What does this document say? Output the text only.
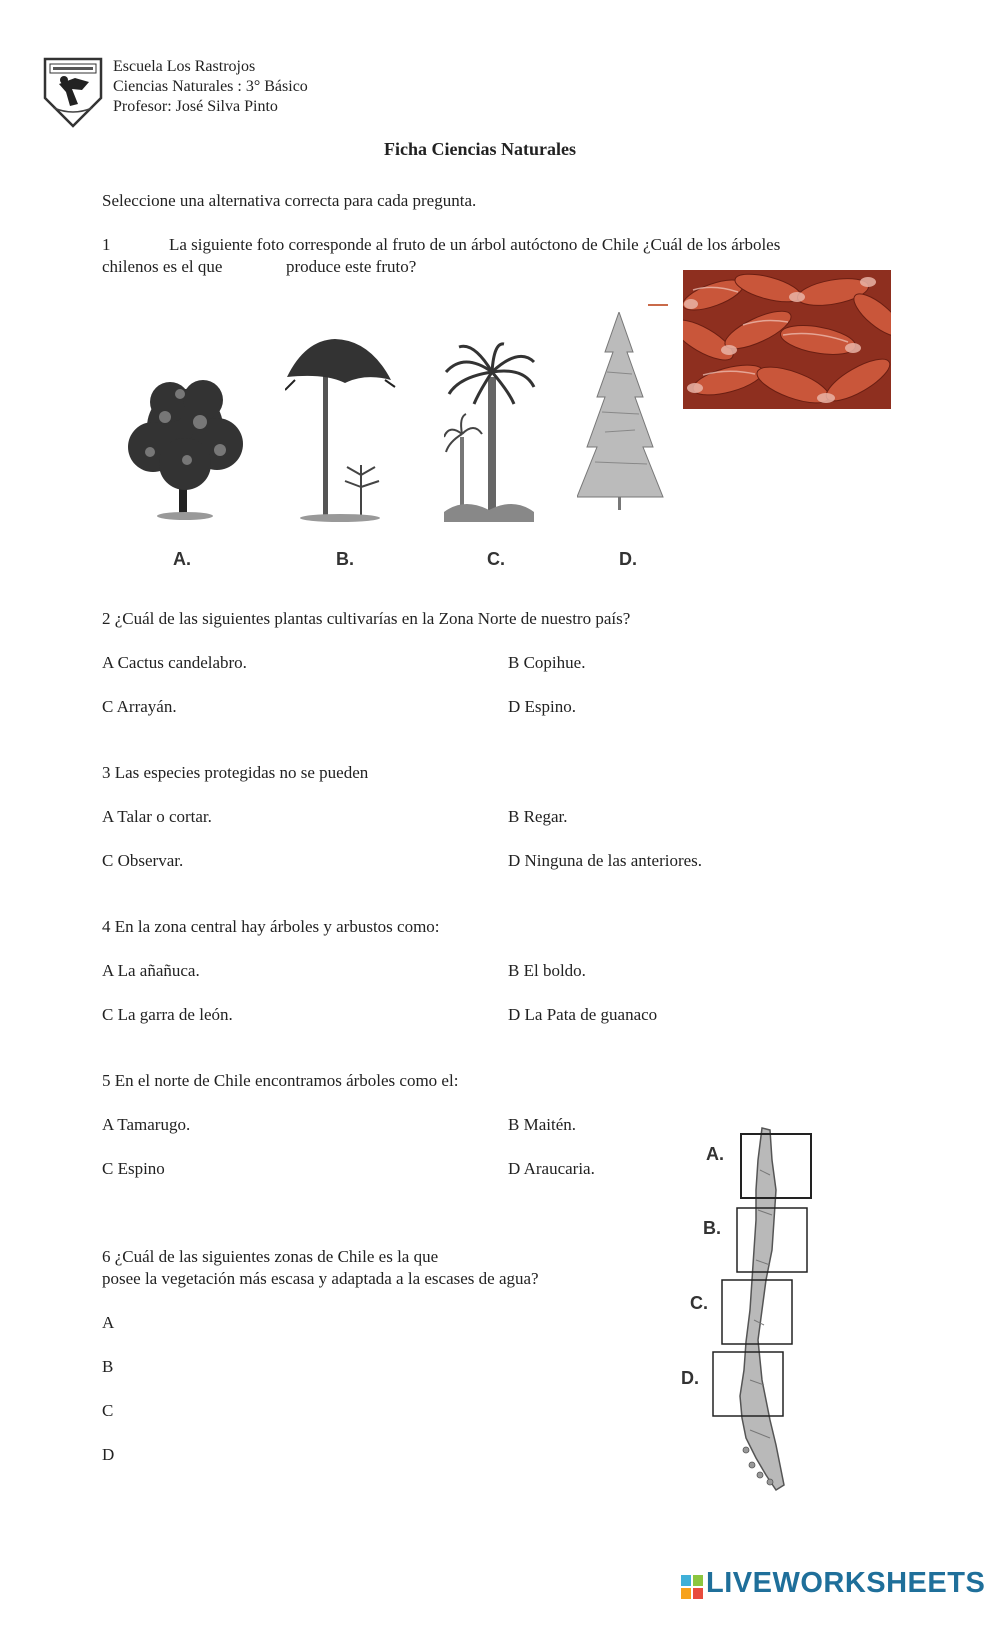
Escuela Los Rastrojos
Ciencias Naturales : 3° Básico
Profesor: José Silva Pinto
Ficha Ciencias Naturales
Seleccione una alternativa correcta para cada pregunta.
1	La siguiente foto corresponde al fruto de un árbol autóctono de Chile ¿Cuál de los árboles
chilenos es el que	produce este fruto?
A.	B.	C.	D.
2 ¿Cuál de las siguientes plantas cultivarías en la Zona Norte de nuestro país?
A Cactus candelabro.	B Copihue.
C Arrayán.	D Espino.
3 Las especies protegidas no se pueden
A Talar o cortar.	B Regar.
C Observar.	D Ninguna de las anteriores.
4 En la zona central hay árboles y arbustos como:
A La añañuca.	B El boldo.
C La garra de león.	D La Pata de guanaco
5 En el norte de Chile encontramos árboles como el:
A Tamarugo.	B Maitén.
C Espino	D Araucaria.
6 ¿Cuál de las siguientes zonas de Chile es la que
posee la vegetación más escasa y adaptada a la escases de agua?
A
B
C
D
A.
B.
C.
D.
LIVEWORKSHEETS
